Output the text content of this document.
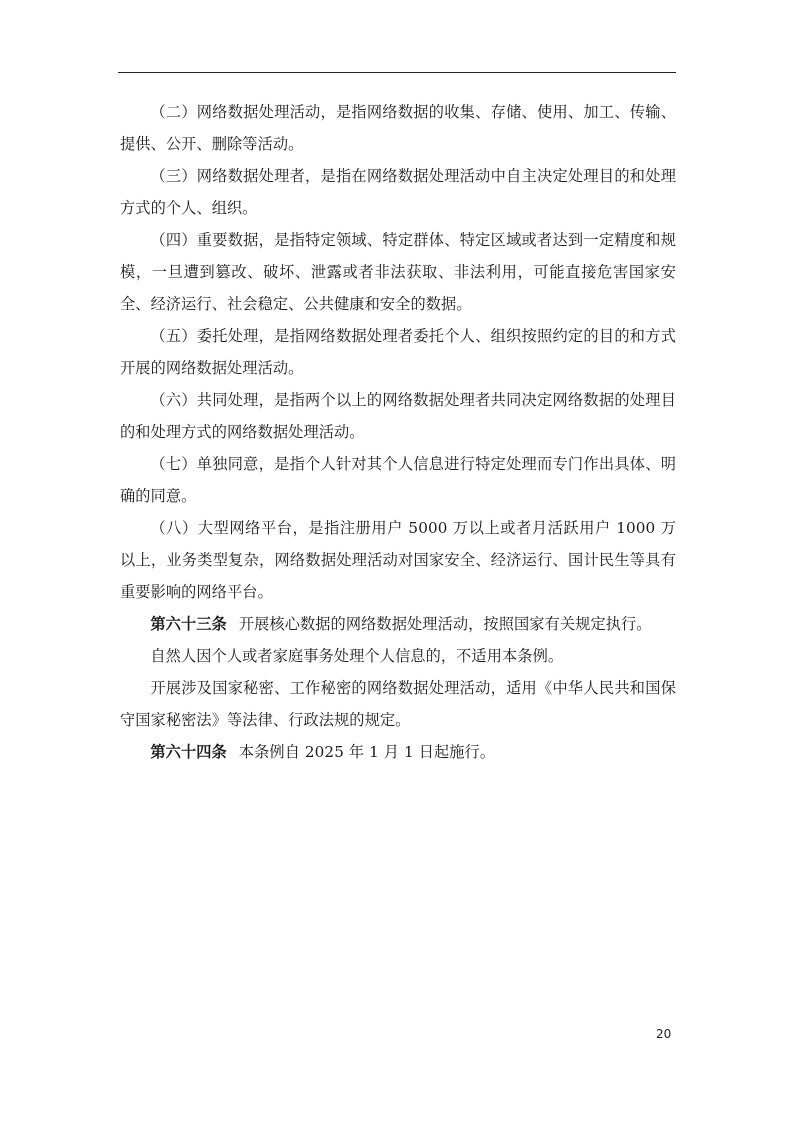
（二）网络数据处理活动，是指网络数据的收集、存储、使用、加工、传输、提供、公开、删除等活动。

（三）网络数据处理者，是指在网络数据处理活动中自主决定处理目的和处理方式的个人、组织。

（四）重要数据，是指特定领域、特定群体、特定区域或者达到一定精度和规模，一旦遭到篡改、破坏、泄露或者非法获取、非法利用，可能直接危害国家安全、经济运行、社会稳定、公共健康和安全的数据。

（五）委托处理，是指网络数据处理者委托个人、组织按照约定的目的和方式开展的网络数据处理活动。

（六）共同处理，是指两个以上的网络数据处理者共同决定网络数据的处理目的和处理方式的网络数据处理活动。

（七）单独同意，是指个人针对其个人信息进行特定处理而专门作出具体、明确的同意。

（八）大型网络平台，是指注册用户 5000 万以上或者月活跃用户 1000 万以上，业务类型复杂，网络数据处理活动对国家安全、经济运行、国计民生等具有重要影响的网络平台。

第六十三条 开展核心数据的网络数据处理活动，按照国家有关规定执行。

自然人因个人或者家庭事务处理个人信息的，不适用本条例。

开展涉及国家秘密、工作秘密的网络数据处理活动，适用《中华人民共和国保守国家秘密法》等法律、行政法规的规定。

第六十四条 本条例自 2025 年 1 月 1 日起施行。

20
